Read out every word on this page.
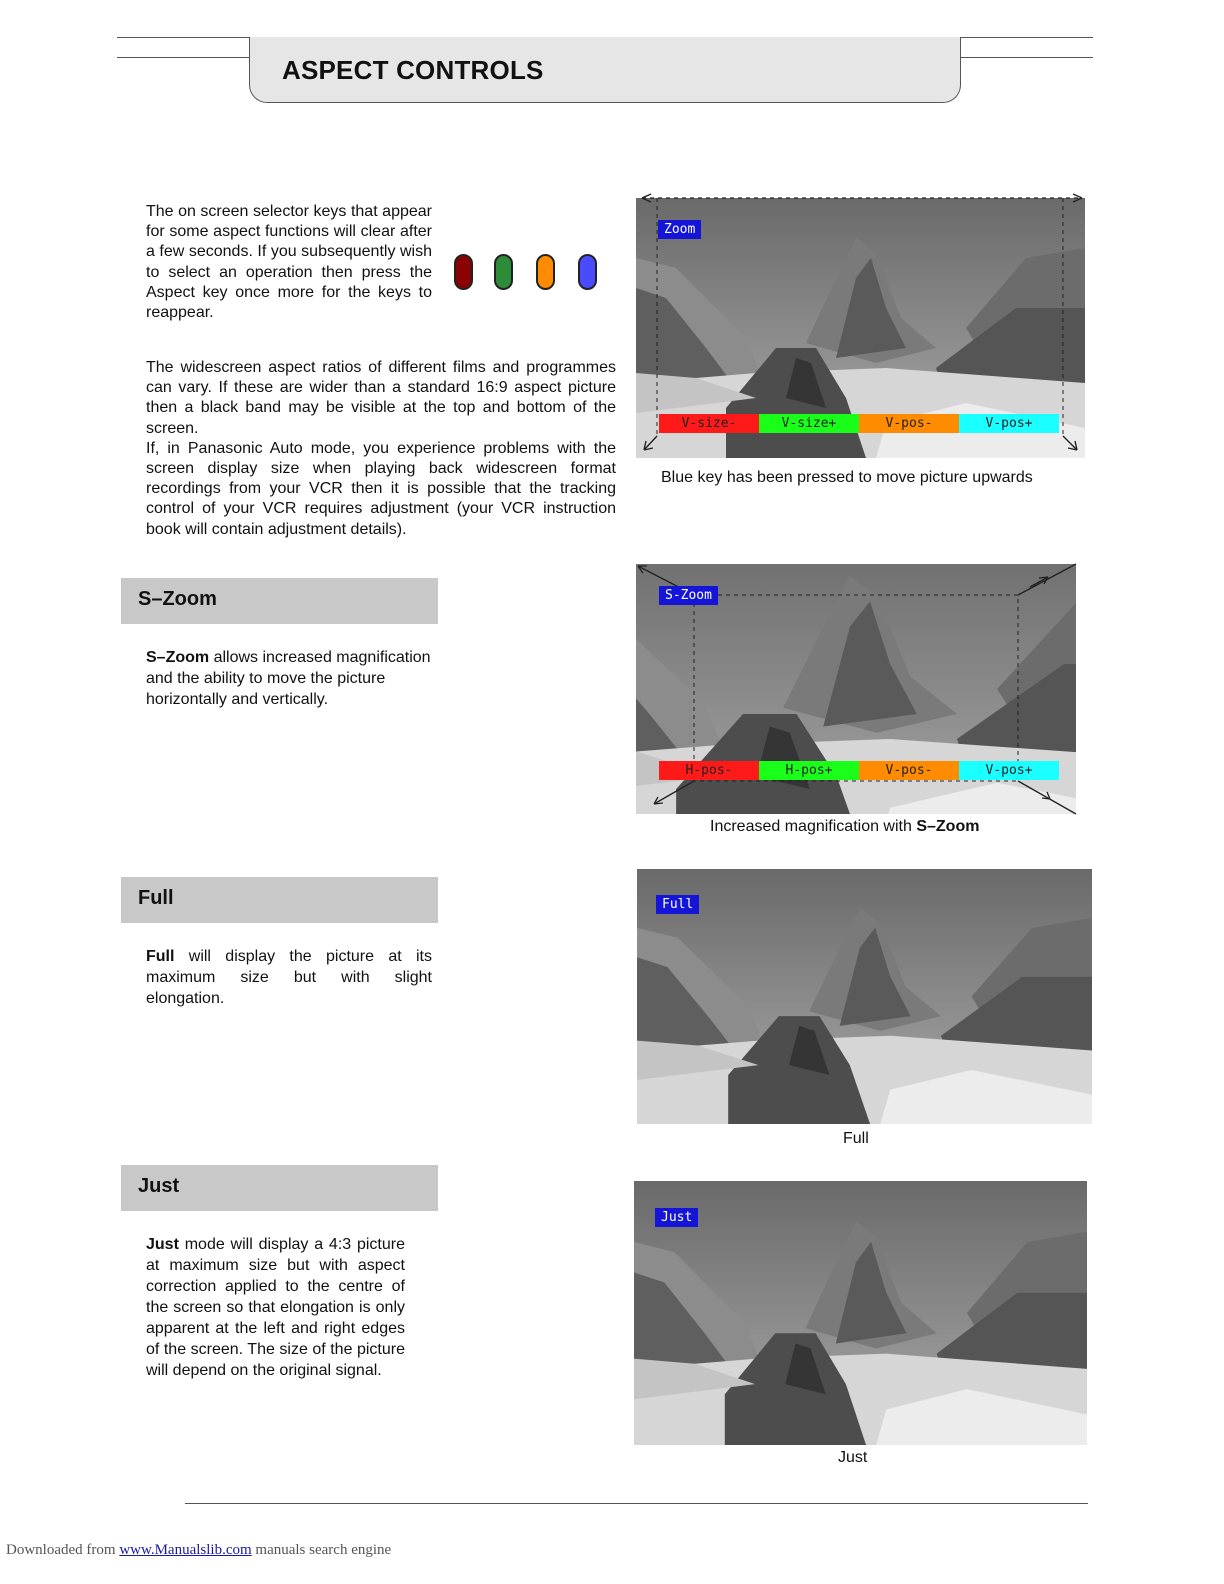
ASPECT CONTROLS

The on screen selector keys that appear for some aspect functions will clear after a few seconds. If you subsequently wish to select an operation then press the Aspect key once more for the keys to reappear.

The widescreen aspect ratios of different films and programmes can vary. If these are wider than a standard 16:9 aspect picture then a black band may be visible at the top and bottom of the screen.

If, in Panasonic Auto mode, you experience problems with the screen display size when playing back widescreen format recordings from your VCR then it is possible that the tracking control of your VCR requires adjustment (your VCR instruction book will contain adjustment details).

Zoom
V-size-	V-size+	V-pos-	V-pos+
Blue key has been pressed to move picture upwards
S–Zoom

S–Zoom allows increased magnification and the ability to move the picture horizontally and vertically.

S-Zoom
H-pos-	H-pos+	V-pos-	V-pos+
Increased magnification with S–Zoom
Full

Full will display the picture at its maximum size but with slight elongation.

Full
Full
Just

Just mode will display a 4:3 picture at maximum size but with aspect correction applied to the centre of the screen so that elongation is only apparent at the left and right edges of the screen. The size of the picture will depend on the original signal.

Just
Just
Downloaded from www.Manualslib.com manuals search engine
